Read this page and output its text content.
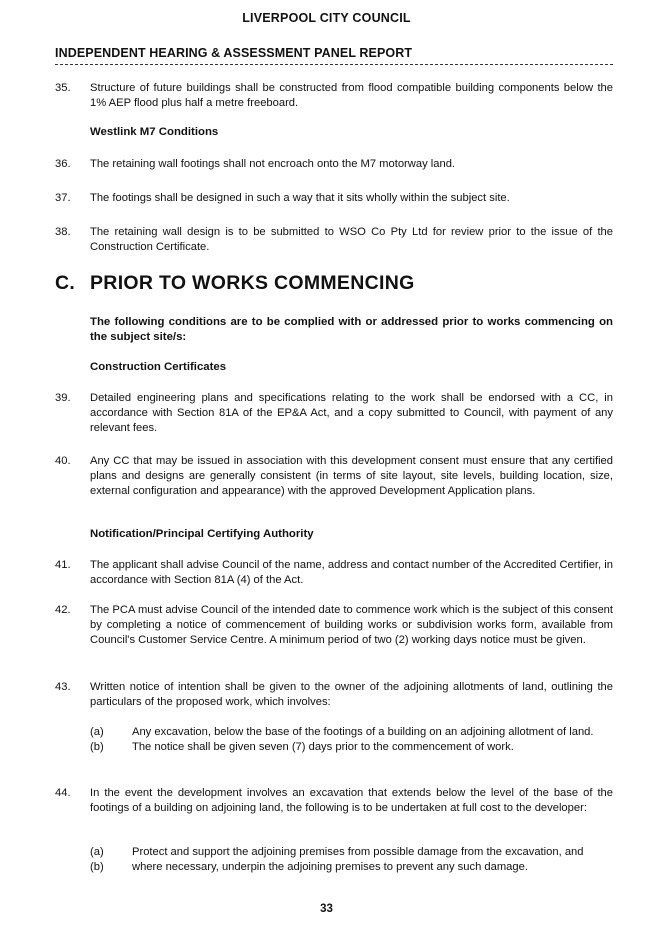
LIVERPOOL CITY COUNCIL
INDEPENDENT HEARING & ASSESSMENT PANEL REPORT
35.	Structure of future buildings shall be constructed from flood compatible building components below the 1% AEP flood plus half a metre freeboard.
Westlink M7 Conditions
36.	The retaining wall footings shall not encroach onto the M7 motorway land.
37.	The footings shall be designed in such a way that it sits wholly within the subject site.
38.	The retaining wall design is to be submitted to WSO Co Pty Ltd for review prior to the issue of the Construction Certificate.
C. PRIOR TO WORKS COMMENCING
The following conditions are to be complied with or addressed prior to works commencing on the subject site/s:
Construction Certificates
39.	Detailed engineering plans and specifications relating to the work shall be endorsed with a CC, in accordance with Section 81A of the EP&A Act, and a copy submitted to Council, with payment of any relevant fees.
40.	Any CC that may be issued in association with this development consent must ensure that any certified plans and designs are generally consistent (in terms of site layout, site levels, building location, size, external configuration and appearance) with the approved Development Application plans.
Notification/Principal Certifying Authority
41.	The applicant shall advise Council of the name, address and contact number of the Accredited Certifier, in accordance with Section 81A (4) of the Act.
42.	The PCA must advise Council of the intended date to commence work which is the subject of this consent by completing a notice of commencement of building works or subdivision works form, available from Council's Customer Service Centre. A minimum period of two (2) working days notice must be given.
43.	Written notice of intention shall be given to the owner of the adjoining allotments of land, outlining the particulars of the proposed work, which involves:
(a)	Any excavation, below the base of the footings of a building on an adjoining allotment of land.
(b)	The notice shall be given seven (7) days prior to the commencement of work.
44.	In the event the development involves an excavation that extends below the level of the base of the footings of a building on adjoining land, the following is to be undertaken at full cost to the developer:
(a)	Protect and support the adjoining premises from possible damage from the excavation, and
(b)	where necessary, underpin the adjoining premises to prevent any such damage.
33
